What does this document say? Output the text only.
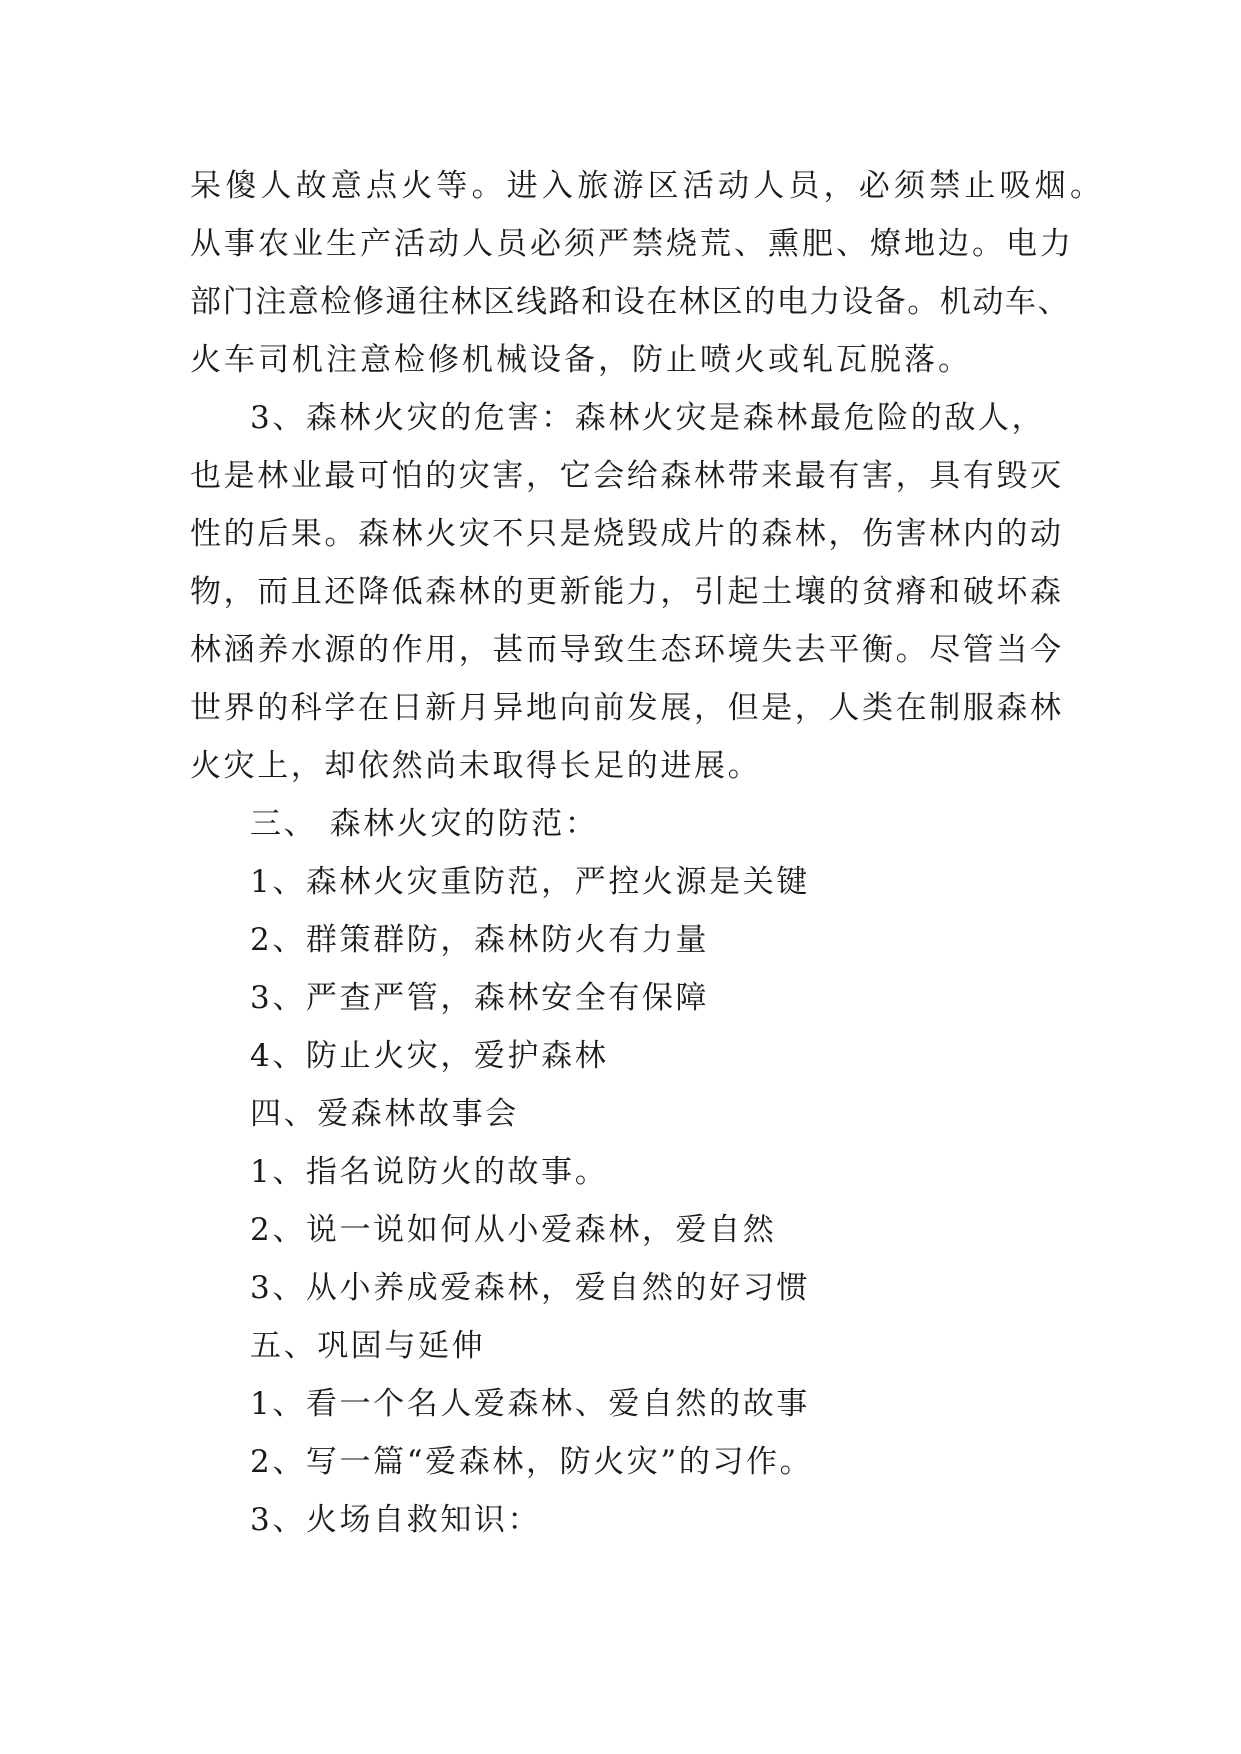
呆傻人故意点火等。进入旅游区活动人员，必须禁止吸烟。
从事农业生产活动人员必须严禁烧荒、熏肥、燎地边。电力
部门注意检修通往林区线路和设在林区的电力设备。机动车、
火车司机注意检修机械设备，防止喷火或轧瓦脱落。
3、森林火灾的危害：森林火灾是森林最危险的敌人，
也是林业最可怕的灾害，它会给森林带来最有害，具有毁灭
性的后果。森林火灾不只是烧毁成片的森林，伤害林内的动
物，而且还降低森林的更新能力，引起土壤的贫瘠和破坏森
林涵养水源的作用，甚而导致生态环境失去平衡。尽管当今
世界的科学在日新月异地向前发展，但是，人类在制服森林
火灾上，却依然尚未取得长足的进展。
三、 森林火灾的防范：
1、森林火灾重防范，严控火源是关键
2、群策群防，森林防火有力量
3、严查严管，森林安全有保障
4、防止火灾，爱护森林
四、爱森林故事会
1、指名说防火的故事。
2、说一说如何从小爱森林，爱自然
3、从小养成爱森林，爱自然的好习惯
五、巩固与延伸
1、看一个名人爱森林、爱自然的故事
2、写一篇“爱森林，防火灾”的习作。
3、火场自救知识：
